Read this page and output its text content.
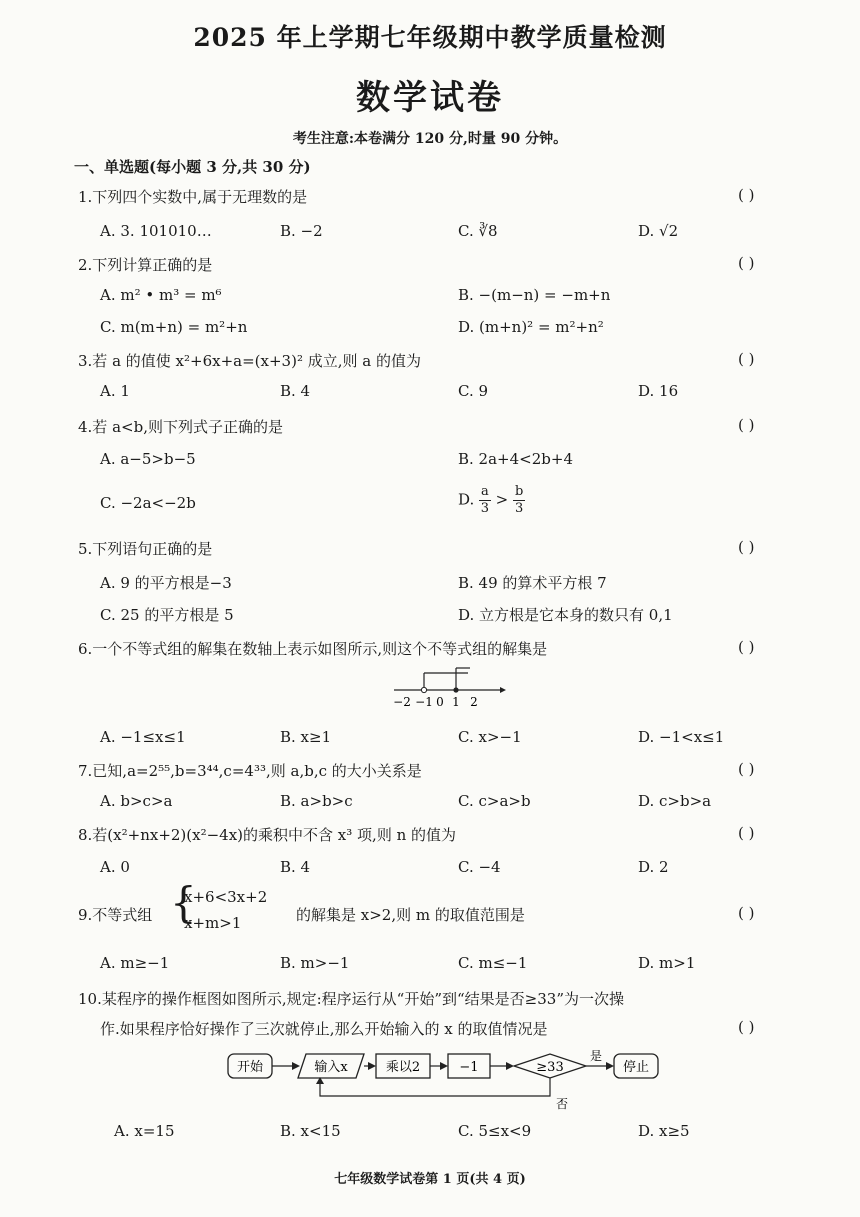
2025 年上学期七年级期中教学质量检测
数学试卷
考生注意:本卷满分 120 分,时量 90 分钟。
一、单选题(每小题 3 分,共 30 分)
1.下列四个实数中,属于无理数的是	( )
A. 3. 101010…	B. −2	C. ∛8	D. √2
2.下列计算正确的是	( )
A. m² • m³ = m⁶	B. −(m−n) = −m+n
C. m(m+n) = m²+n	D. (m+n)² = m²+n²
3.若 a 的值使 x²+6x+a=(x+3)² 成立,则 a 的值为	( )
A. 1	B. 4	C. 9	D. 16
4.若 a<b,则下列式子正确的是	( )
A. a−5>b−5	B. 2a+4<2b+4
C. −2a<−2b	D. $\frac{a}{3} > \frac{b}{3}$
5.下列语句正确的是	( )
A. 9 的平方根是−3	B. 49 的算术平方根 7
C. 25 的平方根是 5	D. 立方根是它本身的数只有 0,1
6.一个不等式组的解集在数轴上表示如图所示,则这个不等式组的解集是	( )
−2 −1 0 1 2
A. −1≤x≤1	B. x≥1	C. x>−1	D. −1<x≤1
7.已知,a=2⁵⁵,b=3⁴⁴,c=4³³,则 a,b,c 的大小关系是	( )
A. b>c>a	B. a>b>c	C. c>a>b	D. c>b>a
8.若(x²+nx+2)(x²−4x)的乘积中不含 x³ 项,则 n 的值为	( )
A. 0	B. 4	C. −4	D. 2
9.不等式组 {
x+6<3x+2
x+m>1	的解集是 x>2,则 m 的取值范围是	( )
A. m≥−1	B. m>−1	C. m≤−1	D. m>1
10.某程序的操作框图如图所示,规定:程序运行从“开始”到“结果是否≥33”为一次操
作.如果程序恰好操作了三次就停止,那么开始输入的 x 的取值情况是	( )
开始	输入x	乘以2	−1	≥33
是
停止
否
A. x=15	B. x<15	C. 5≤x<9	D. x≥5
七年级数学试卷第 1 页(共 4 页)
